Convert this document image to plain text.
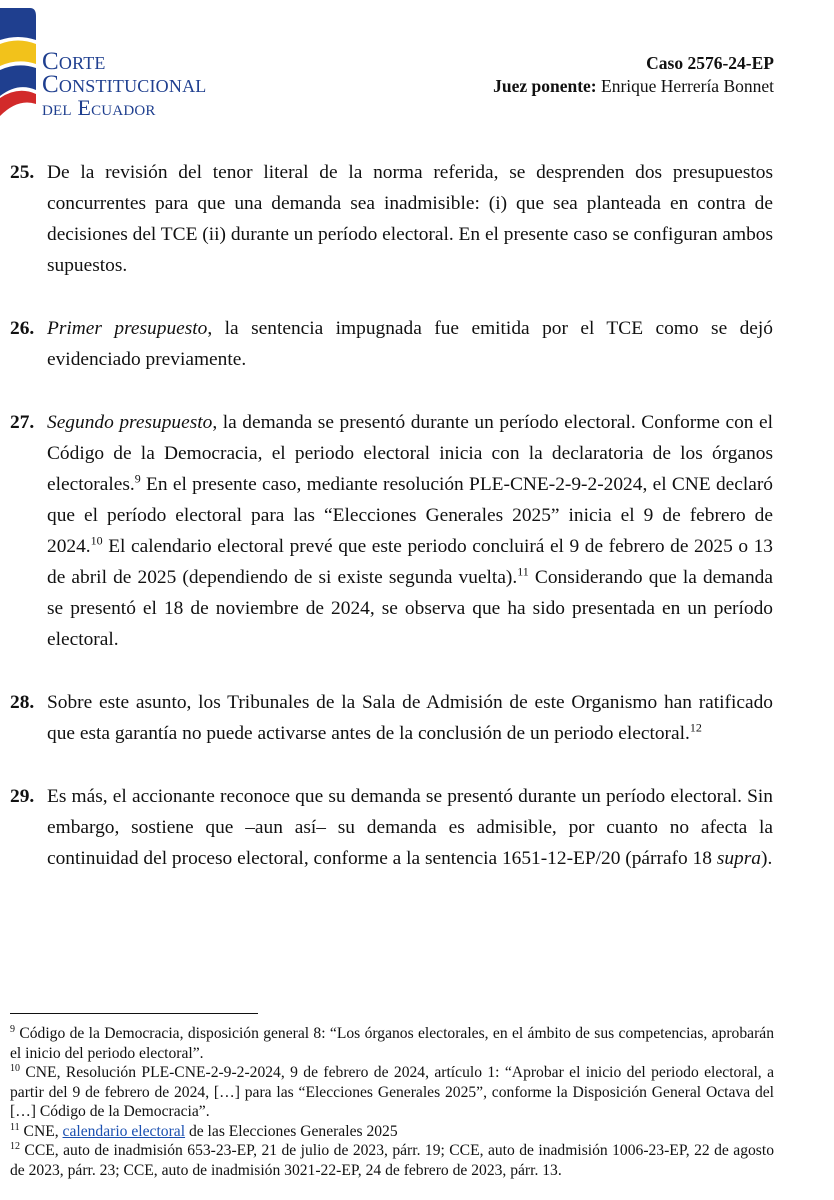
Corte
Constitucional
del Ecuador
Caso 2576-24-EP
Juez ponente: Enrique Herrería Bonnet

25. De la revisión del tenor literal de la norma referida, se desprenden dos presupuestos concurrentes para que una demanda sea inadmisible: (i) que sea planteada en contra de decisiones del TCE (ii) durante un período electoral. En el presente caso se configuran ambos supuestos.

26. Primer presupuesto, la sentencia impugnada fue emitida por el TCE como se dejó evidenciado previamente.

27. Segundo presupuesto, la demanda se presentó durante un período electoral. Conforme con el Código de la Democracia, el periodo electoral inicia con la declaratoria de los órganos electorales.$^9$ En el presente caso, mediante resolución PLE-CNE-2-9-2-2024, el CNE declaró que el período electoral para las “Elecciones Generales 2025” inicia el 9 de febrero de 2024.10 El calendario electoral prevé que este periodo concluirá el 9 de febrero de 2025 o 13 de abril de 2025 (dependiendo de si existe segunda vuelta).$^{11}$ Considerando que la demanda se presentó el 18 de noviembre de 2024, se observa que ha sido presentada en un período electoral.

28. Sobre este asunto, los Tribunales de la Sala de Admisión de este Organismo han ratificado que esta garantía no puede activarse antes de la conclusión de un periodo electoral.$^{12}$

29. Es más, el accionante reconoce que su demanda se presentó durante un período electoral. Sin embargo, sostiene que –aun así– su demanda es admisible, por cuanto no afecta la continuidad del proceso electoral, conforme a la sentencia 1651-12-EP/20 (párrafo 18 supra).

$^9$ Código de la Democracia, disposición general 8: “Los órganos electorales, en el ámbito de sus competencias, aprobarán el inicio del periodo electoral”.

$^{10}$ CNE, Resolución PLE-CNE-2-9-2-2024, 9 de febrero de 2024, artículo 1: “Aprobar el inicio del periodo electoral, a partir del 9 de febrero de 2024, […] para las “Elecciones Generales 2025”, conforme la Disposición General Octava del […] Código de la Democracia”.

$^{11}$ CNE, calendario electoral de las Elecciones Generales 2025

$^{12}$ CCE, auto de inadmisión 653-23-EP, 21 de julio de 2023, párr. 19; CCE, auto de inadmisión 1006-23-EP, 22 de agosto de 2023, párr. 23; CCE, auto de inadmisión 3021-22-EP, 24 de febrero de 2023, párr. 13.
